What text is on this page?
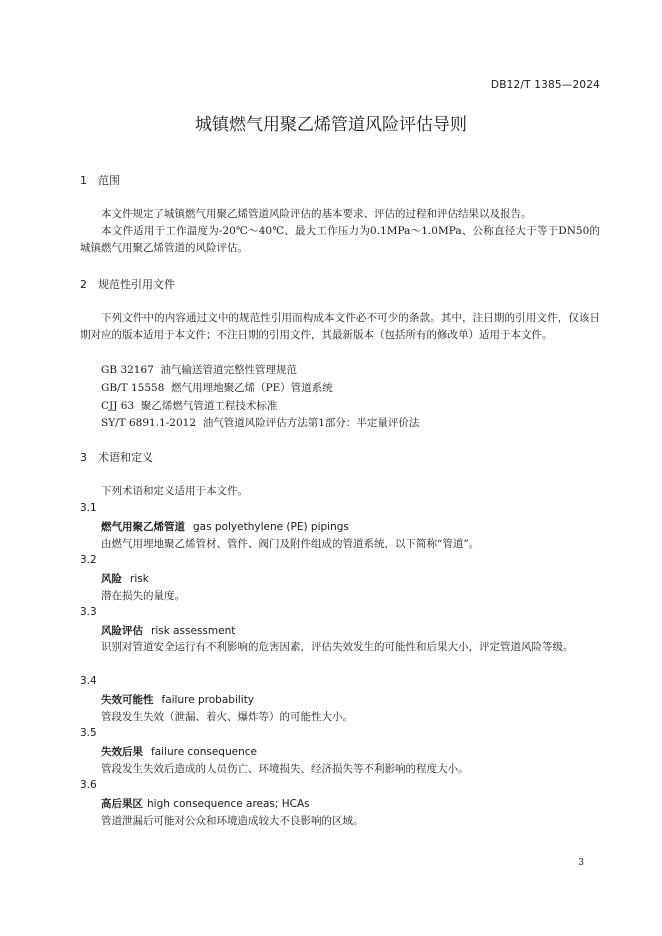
DB12/T 1385—2024
城镇燃气用聚乙烯管道风险评估导则
1 范围
本文件规定了城镇燃气用聚乙烯管道风险评估的基本要求、评估的过程和评估结果以及报告。
本文件适用于工作温度为-20℃～40℃、最大工作压力为0.1MPa～1.0MPa、公称直径大于等于DN50的城镇燃气用聚乙烯管道的风险评估。
2 规范性引用文件
下列文件中的内容通过文中的规范性引用而构成本文件必不可少的条款。其中，注日期的引用文件，仅该日期对应的版本适用于本文件；不注日期的引用文件，其最新版本（包括所有的修改单）适用于本文件。
GB 32167 油气输送管道完整性管理规范
GB/T 15558 燃气用埋地聚乙烯（PE）管道系统
CJJ 63 聚乙烯燃气管道工程技术标准
SY/T 6891.1-2012 油气管道风险评估方法第1部分：半定量评价法
3 术语和定义
下列术语和定义适用于本文件。
3.1
燃气用聚乙烯管道 gas polyethylene (PE) pipings
由燃气用埋地聚乙烯管材、管件、阀门及附件组成的管道系统，以下简称“管道”。
3.2
风险 risk
潜在损失的量度。
3.3
风险评估 risk assessment
识别对管道安全运行有不利影响的危害因素，评估失效发生的可能性和后果大小，评定管道风险等级。
3.4
失效可能性 failure probability
管段发生失效（泄漏、着火、爆炸等）的可能性大小。
3.5
失效后果 failure consequence
管段发生失效后造成的人员伤亡、环境损失、经济损失等不利影响的程度大小。
3.6
高后果区 high consequence areas; HCAs
管道泄漏后可能对公众和环境造成较大不良影响的区域。
3
